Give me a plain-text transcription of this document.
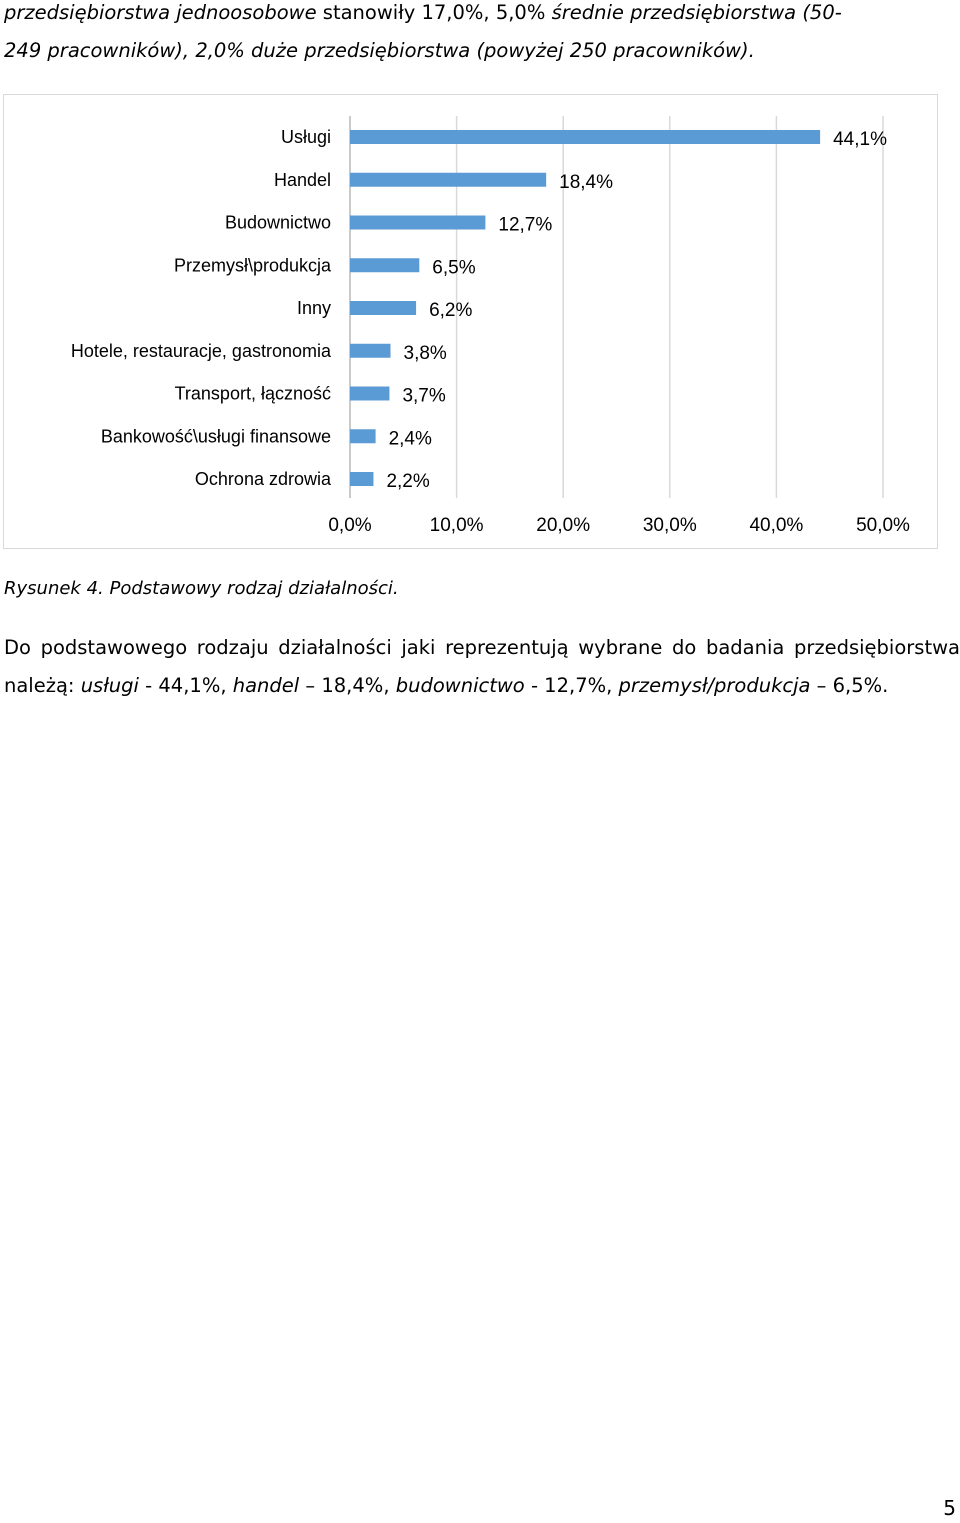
przedsiębiorstwa jednoosobowe stanowiły 17,0%, 5,0% średnie przedsiębiorstwa (50-
249 pracowników), 2,0% duże przedsiębiorstwa (powyżej 250 pracowników).
0,0%	10,0%	20,0%	30,0%	40,0%	50,0%
Usługi	44,1%
Handel	18,4%
Budownictwo	12,7%
Przemysł\produkcja	6,5%
Inny	6,2%
Hotele, restauracje, gastronomia	3,8%
Transport, łączność	3,7%
Bankowość\usługi finansowe	2,4%
Ochrona zdrowia	2,2%
Rysunek 4. Podstawowy rodzaj działalności.
Do podstawowego rodzaju działalności jaki reprezentują wybrane do badania przedsiębiorstwa należą: usługi - 44,1%, handel – 18,4%, budownictwo - 12,7%, przemysł/produkcja – 6,5%.
5
